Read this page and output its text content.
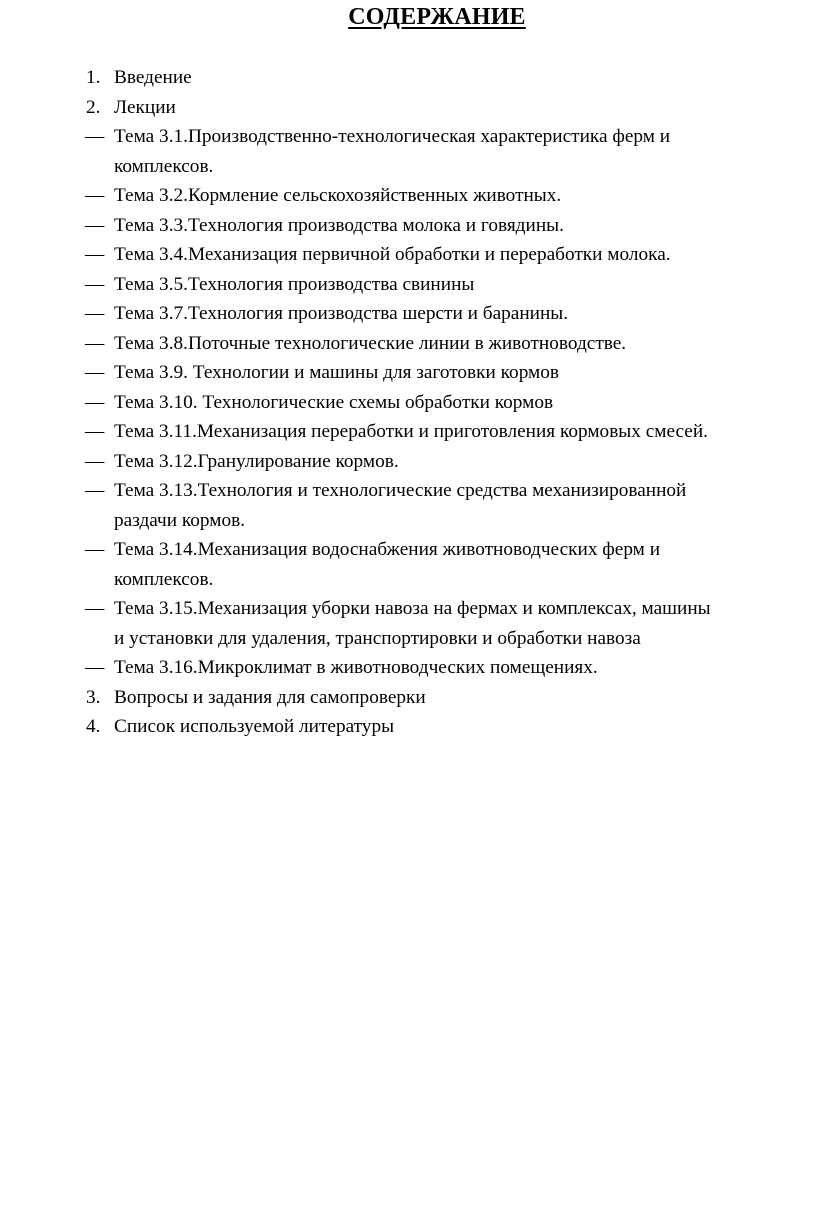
СОДЕРЖАНИЕ
1. Введение
2. Лекции
— Тема 3.1.Производственно-технологическая характеристика ферм и
комплексов.
— Тема 3.2.Кормление сельскохозяйственных животных.
— Тема 3.3.Технология производства молока и говядины.
— Тема 3.4.Механизация первичной обработки и переработки молока.
— Тема 3.5.Технология производства свинины
— Тема 3.7.Технология производства шерсти и баранины.
— Тема 3.8.Поточные технологические линии в животноводстве.
— Тема 3.9. Технологии и машины для заготовки кормов
— Тема 3.10. Технологические схемы обработки кормов
— Тема 3.11.Механизация переработки и приготовления кормовых смесей.
— Тема 3.12.Гранулирование кормов.
— Тема 3.13.Технология и технологические средства механизированной
раздачи кормов.
— Тема 3.14.Механизация водоснабжения животноводческих ферм и
комплексов.
— Тема 3.15.Механизация уборки навоза на фермах и комплексах, машины
и установки для удаления, транспортировки и обработки навоза
— Тема 3.16.Микроклимат в животноводческих помещениях.
3. Вопросы и задания для самопроверки
4. Список используемой литературы
